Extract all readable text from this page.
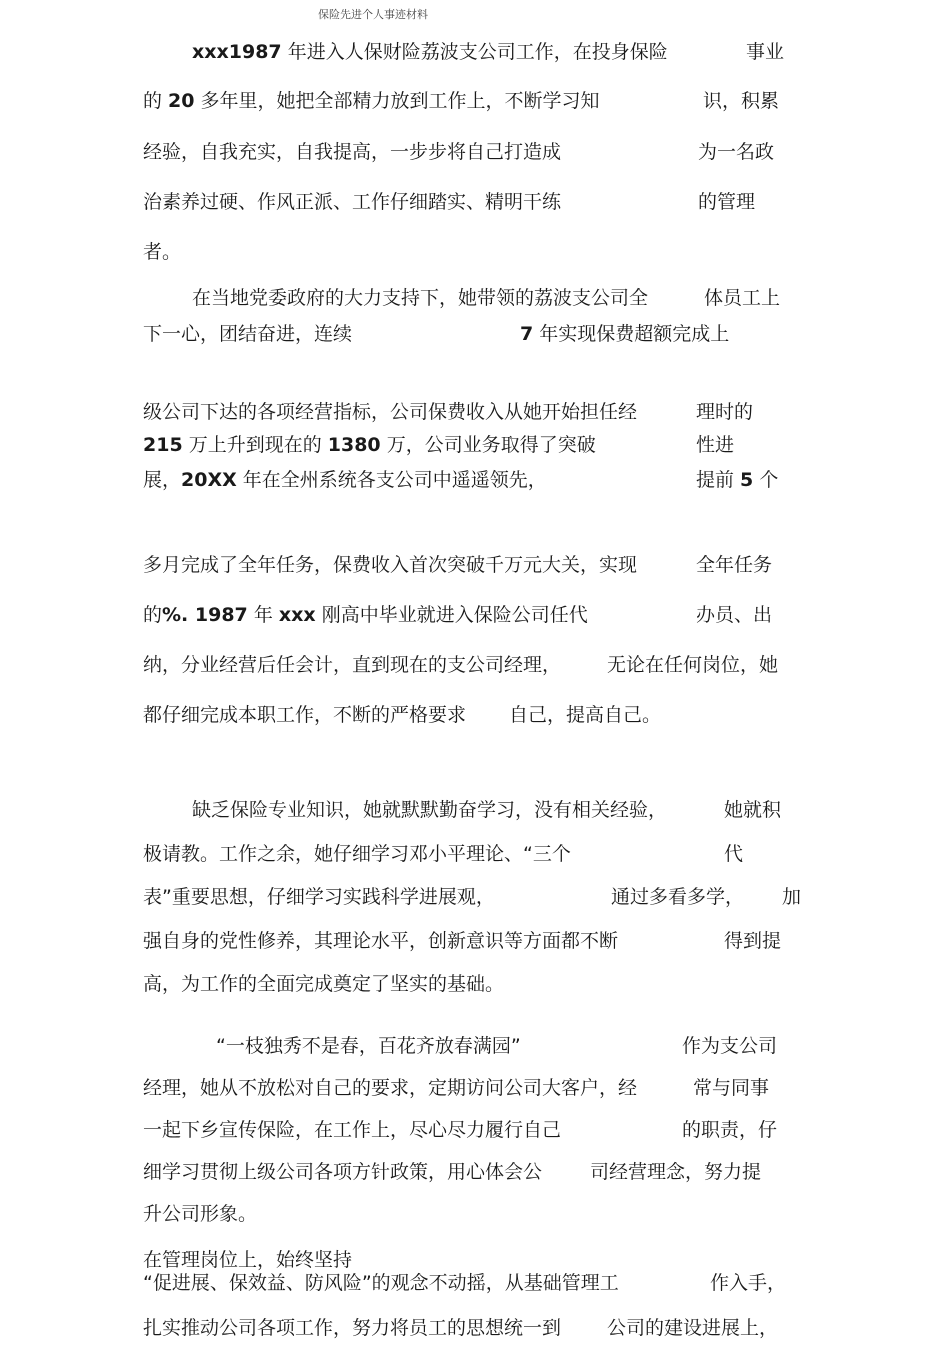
保险先进个人事迹材料
xxx1987 年进入人保财险荔波支公司工作，在投身保险	事业
的 20 多年里，她把全部精力放到工作上，不断学习知	识，积累
经验，自我充实，自我提高，一步步将自己打造成	为一名政
治素养过硬、作风正派、工作仔细踏实、精明干练	的管理
者。
在当地党委政府的大力支持下，她带领的荔波支公司全	体员工上
下一心，团结奋进，连续	7 年实现保费超额完成上
级公司下达的各项经营指标，公司保费收入从她开始担任经	理时的
215 万上升到现在的 1380 万，公司业务取得了突破	性进
展，20XX 年在全州系统各支公司中遥遥领先，	提前 5 个
多月完成了全年任务，保费收入首次突破千万元大关，实现	全年任务
的%. 1987 年 xxx 刚高中毕业就进入保险公司任代	办员、出
纳，分业经营后任会计，直到现在的支公司经理， 无论在任何岗位，她
都仔细完成本职工作，不断的严格要求 自己，提高自己。
缺乏保险专业知识，她就默默勤奋学习，没有相关经验，	她就积
极请教。工作之余，她仔细学习邓小平理论、“三个	代
表”重要思想，仔细学习实践科学进展观，	通过多看多学， 加
强自身的党性修养，其理论水平，创新意识等方面都不断	得到提
高，为工作的全面完成奠定了坚实的基础。
“一枝独秀不是春，百花齐放春满园”	作为支公司
经理，她从不放松对自己的要求，定期访问公司大客户，经	常与同事
一起下乡宣传保险，在工作上，尽心尽力履行自己	的职责，仔
细学习贯彻上级公司各项方针政策，用心体会公	司经营理念，努力提
升公司形象。
在管理岗位上，始终坚持
“促进展、保效益、防风险”的观念不动摇，从基础管理工	作入手，
扎实推动公司各项工作，努力将员工的思想统一到 公司的建设进展上，
